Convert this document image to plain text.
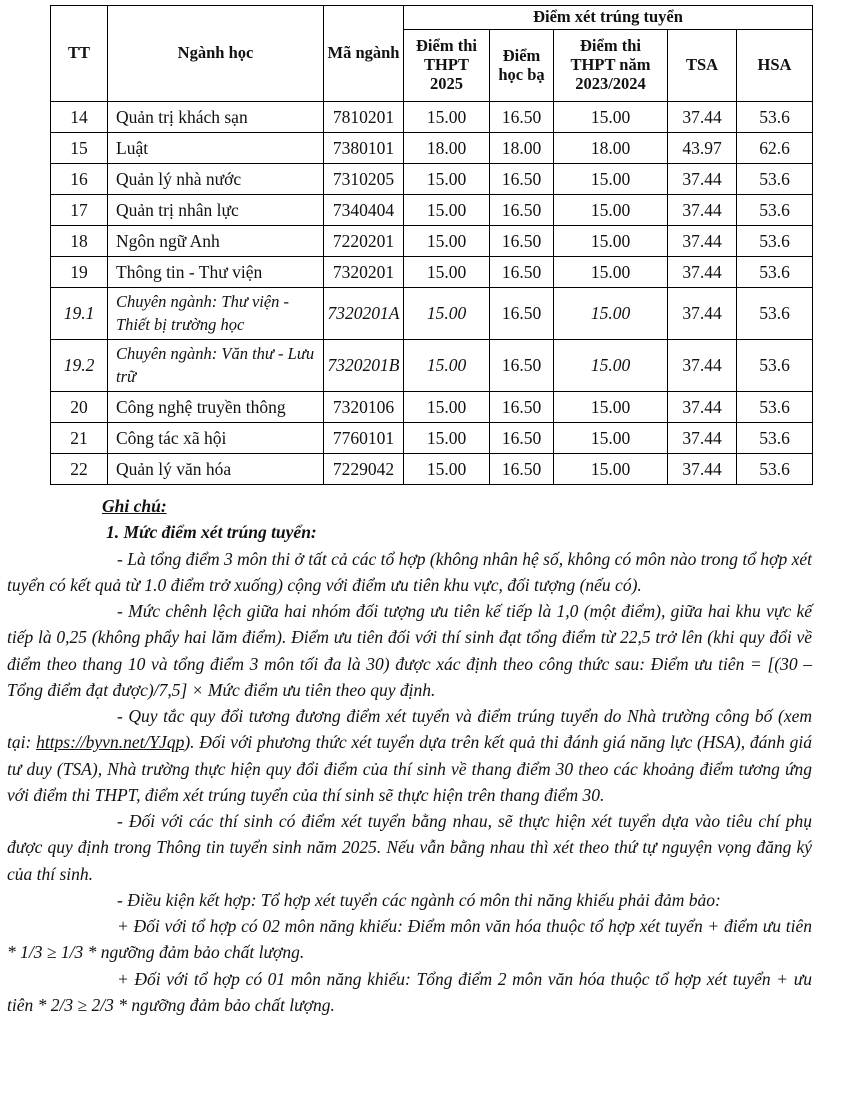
TT	Ngành học	Mã ngành	Điểm xét trúng tuyển				
			Điểm thi THPT 2025	Điểm học bạ	Điểm thi THPT năm 2023/2024	TSA	HSA
14	Quản trị khách sạn	7810201	15.00	16.50	15.00	37.44	53.6
15	Luật	7380101	18.00	18.00	18.00	43.97	62.6
16	Quản lý nhà nước	7310205	15.00	16.50	15.00	37.44	53.6
17	Quản trị nhân lực	7340404	15.00	16.50	15.00	37.44	53.6
18	Ngôn ngữ Anh	7220201	15.00	16.50	15.00	37.44	53.6
19	Thông tin - Thư viện	7320201	15.00	16.50	15.00	37.44	53.6
19.1	Chuyên ngành: Thư viện - Thiết bị trường học	7320201A	15.00	16.50	15.00	37.44	53.6
19.2	Chuyên ngành: Văn thư - Lưu trữ	7320201B	15.00	16.50	15.00	37.44	53.6
20	Công nghệ truyền thông	7320106	15.00	16.50	15.00	37.44	53.6
21	Công tác xã hội	7760101	15.00	16.50	15.00	37.44	53.6
22	Quản lý văn hóa	7229042	15.00	16.50	15.00	37.44	53.6

Ghi chú:

1. Mức điểm xét trúng tuyển:

- Là tổng điểm 3 môn thi ở tất cả các tổ hợp (không nhân hệ số, không có môn nào trong tổ hợp xét tuyển có kết quả từ 1.0 điểm trở xuống) cộng với điểm ưu tiên khu vực, đối tượng (nếu có).

- Mức chênh lệch giữa hai nhóm đối tượng ưu tiên kế tiếp là 1,0 (một điểm), giữa hai khu vực kế tiếp là 0,25 (không phẩy hai lăm điểm). Điểm ưu tiên đối với thí sinh đạt tổng điểm từ 22,5 trở lên (khi quy đổi về điểm theo thang 10 và tổng điểm 3 môn tối đa là 30) được xác định theo công thức sau: Điểm ưu tiên = [(30 – Tổng điểm đạt được)/7,5] × Mức điểm ưu tiên theo quy định.

- Quy tắc quy đổi tương đương điểm xét tuyển và điểm trúng tuyển do Nhà trường công bố (xem tại: https://byvn.net/YJqp). Đối với phương thức xét tuyển dựa trên kết quả thi đánh giá năng lực (HSA), đánh giá tư duy (TSA), Nhà trường thực hiện quy đổi điểm của thí sinh về thang điểm 30 theo các khoảng điểm tương ứng với điểm thi THPT, điểm xét trúng tuyển của thí sinh sẽ thực hiện trên thang điểm 30.

- Đối với các thí sinh có điểm xét tuyển bằng nhau, sẽ thực hiện xét tuyển dựa vào tiêu chí phụ được quy định trong Thông tin tuyển sinh năm 2025. Nếu vẫn bằng nhau thì xét theo thứ tự nguyện vọng đăng ký của thí sinh.

- Điều kiện kết hợp: Tổ hợp xét tuyển các ngành có môn thi năng khiếu phải đảm bảo:

+ Đối với tổ hợp có 02 môn năng khiếu: Điểm môn văn hóa thuộc tổ hợp xét tuyển + điểm ưu tiên * 1/3 ≥ 1/3 * ngưỡng đảm bảo chất lượng.

+ Đối với tổ hợp có 01 môn năng khiếu: Tổng điểm 2 môn văn hóa thuộc tổ hợp xét tuyển + ưu tiên * 2/3 ≥ 2/3 * ngưỡng đảm bảo chất lượng.
